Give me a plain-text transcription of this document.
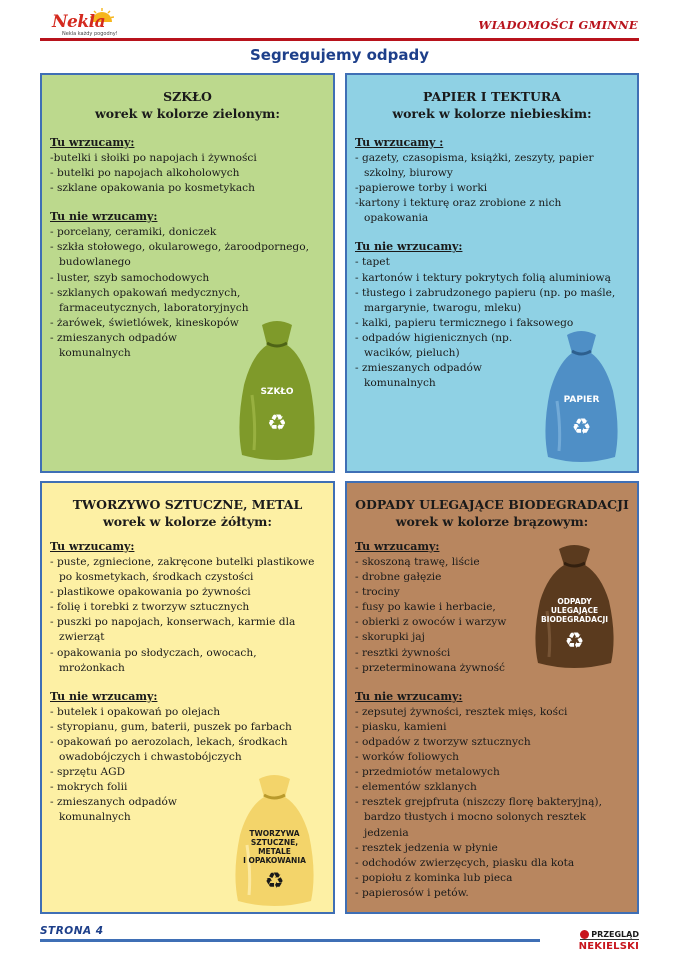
Nekla
Nekla każdy pogodny!
WIADOMOŚCI GMINNE
Segregujemy odpady
SZKŁO
worek w kolorze zielonym:
Tu wrzucamy:
-butelki i słoiki po napojach i żywności
- butelki po napojach alkoholowych
- szklane opakowania po kosmetykach
Tu nie wrzucamy:
- porcelany, ceramiki, doniczek
- szkła stołowego, okularowego, żaroodpornego, budowlanego
- luster, szyb samochodowych
- szklanych opakowań medycznych, farmaceutycznych, laboratoryjnych
- żarówek, świetlówek, kineskopów
- zmieszanych odpadów komunalnych
SZKŁO
♻
PAPIER I TEKTURA
worek w kolorze niebieskim:
Tu wrzucamy :
- gazety, czasopisma, książki, zeszyty, papier szkolny, biurowy
-papierowe torby i worki
-kartony i tekturę oraz zrobione z nich opakowania
Tu nie wrzucamy:
- tapet
- kartonów i tektury pokrytych folią aluminiową
- tłustego i zabrudzonego papieru (np. po maśle, margarynie, twarogu, mleku)
- kalki, papieru termicznego i faksowego
- odpadów higienicznych (np. wacików, pieluch)
- zmieszanych odpadów komunalnych
PAPIER
♻
TWORZYWO SZTUCZNE, METAL
worek w kolorze żółtym:
Tu wrzucamy:
- puste, zgniecione, zakręcone butelki plastikowe po kosmetykach, środkach czystości
- plastikowe opakowania po żywności
- folię i torebki z tworzyw sztucznych
- puszki po napojach, konserwach, karmie dla zwierząt
- opakowania po słodyczach, owocach, mrożonkach
Tu nie wrzucamy:
- butelek i opakowań po olejach
- styropianu, gum, baterii, puszek po farbach
- opakowań po aerozolach, lekach, środkach owadobójczych i chwastobójczych
- sprzętu AGD
- mokrych folii
- zmieszanych odpadów komunalnych
TWORZYWA
SZTUCZNE,
METALE
I OPAKOWANIA
♻
ODPADY ULEGAJĄCE BIODEGRADACJI
worek w kolorze brązowym:
Tu wrzucamy:
- skoszoną trawę, liście
- drobne gałęzie
- trociny
- fusy po kawie i herbacie,
- obierki z owoców i warzyw
- skorupki jaj
- resztki żywności
- przeterminowana żywność
Tu nie wrzucamy:
- zepsutej żywności, resztek mięs, kości
- piasku, kamieni
- odpadów z tworzyw sztucznych
- worków foliowych
- przedmiotów metalowych
- elementów szklanych
- resztek grejpfruta (niszczy florę bakteryjną), bardzo tłustych i mocno solonych resztek jedzenia
- resztek jedzenia w płynie
- odchodów zwierzęcych, piasku dla kota
- popiołu z kominka lub pieca
- papierosów i petów.
ODPADY
ULEGAJĄCE
BIODEGRADACJI
♻
STRONA 4	PRZEGLĄD
NEKIELSKI
